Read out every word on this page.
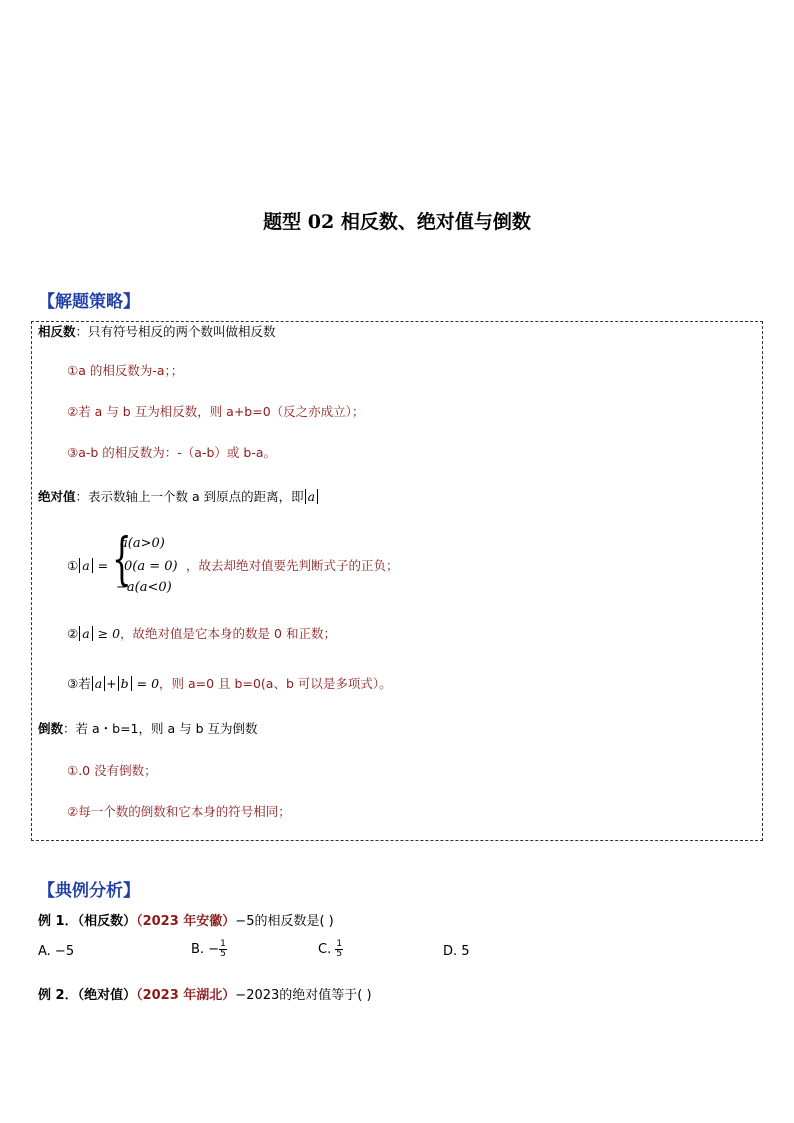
题型 02 相反数、绝对值与倒数
【解题策略】
相反数：只有符号相反的两个数叫做相反数
①a 的相反数为-a；；
②若 a 与 b 互为相反数，则 a+b=0（反之亦成立）；
③a-b 的相反数为：-（a-b）或 b-a。
绝对值：表示数轴上一个数 a 到原点的距离，即 a
① a = {
a(a>0)
0(a = 0)
−a(a<0)
，故去却绝对值要先判断式子的正负；
② a ≥ 0，故绝对值是它本身的数是 0 和正数；
③若 a + b = 0，则 a=0 且 b=0(a、b 可以是多项式）。
倒数：若 a・b=1，则 a 与 b 互为倒数
①.0 没有倒数；
②每一个数的倒数和它本身的符号相同；
【典例分析】
例 1．（相反数）（2023 年安徽）−5的相反数是( )
A. −5	B. − $\frac{1}{5}$	C. $\frac{1}{5}$	D. 5
例 2．（绝对值）（2023 年湖北）−2023的绝对值等于( )
